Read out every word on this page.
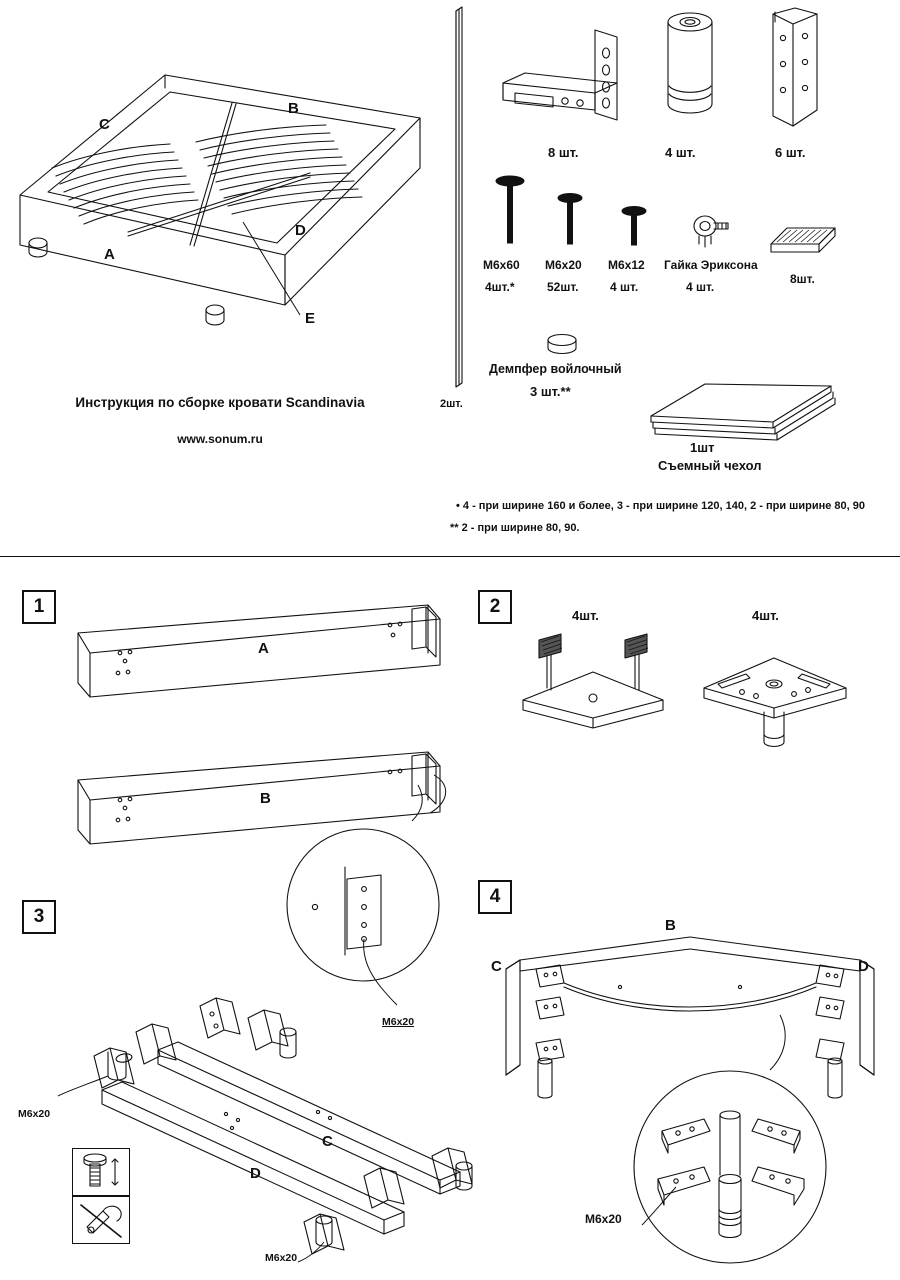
C
B
A
D
E
Инструкция по сборке кровати Scandinavia
www.sonum.ru
2шт.
8 шт.	4 шт.	6 шт.
M6x60
4шт.*
M6x20
52шт.
M6x12
4 шт.
Гайка Эриксона
4 шт.
8шт.
Демпфер войлочный
3 шт.**
1шт
Съемный чехол
• 4 - при ширине 160 и более, 3 - при ширине 120, 140, 2 - при ширине 80, 90
** 2 - при ширине 80, 90.
1
A
B
M6x20
2	4шт.	4шт.
3
C
D
M6x20
M6x20
4
B
C	D
M6x20
